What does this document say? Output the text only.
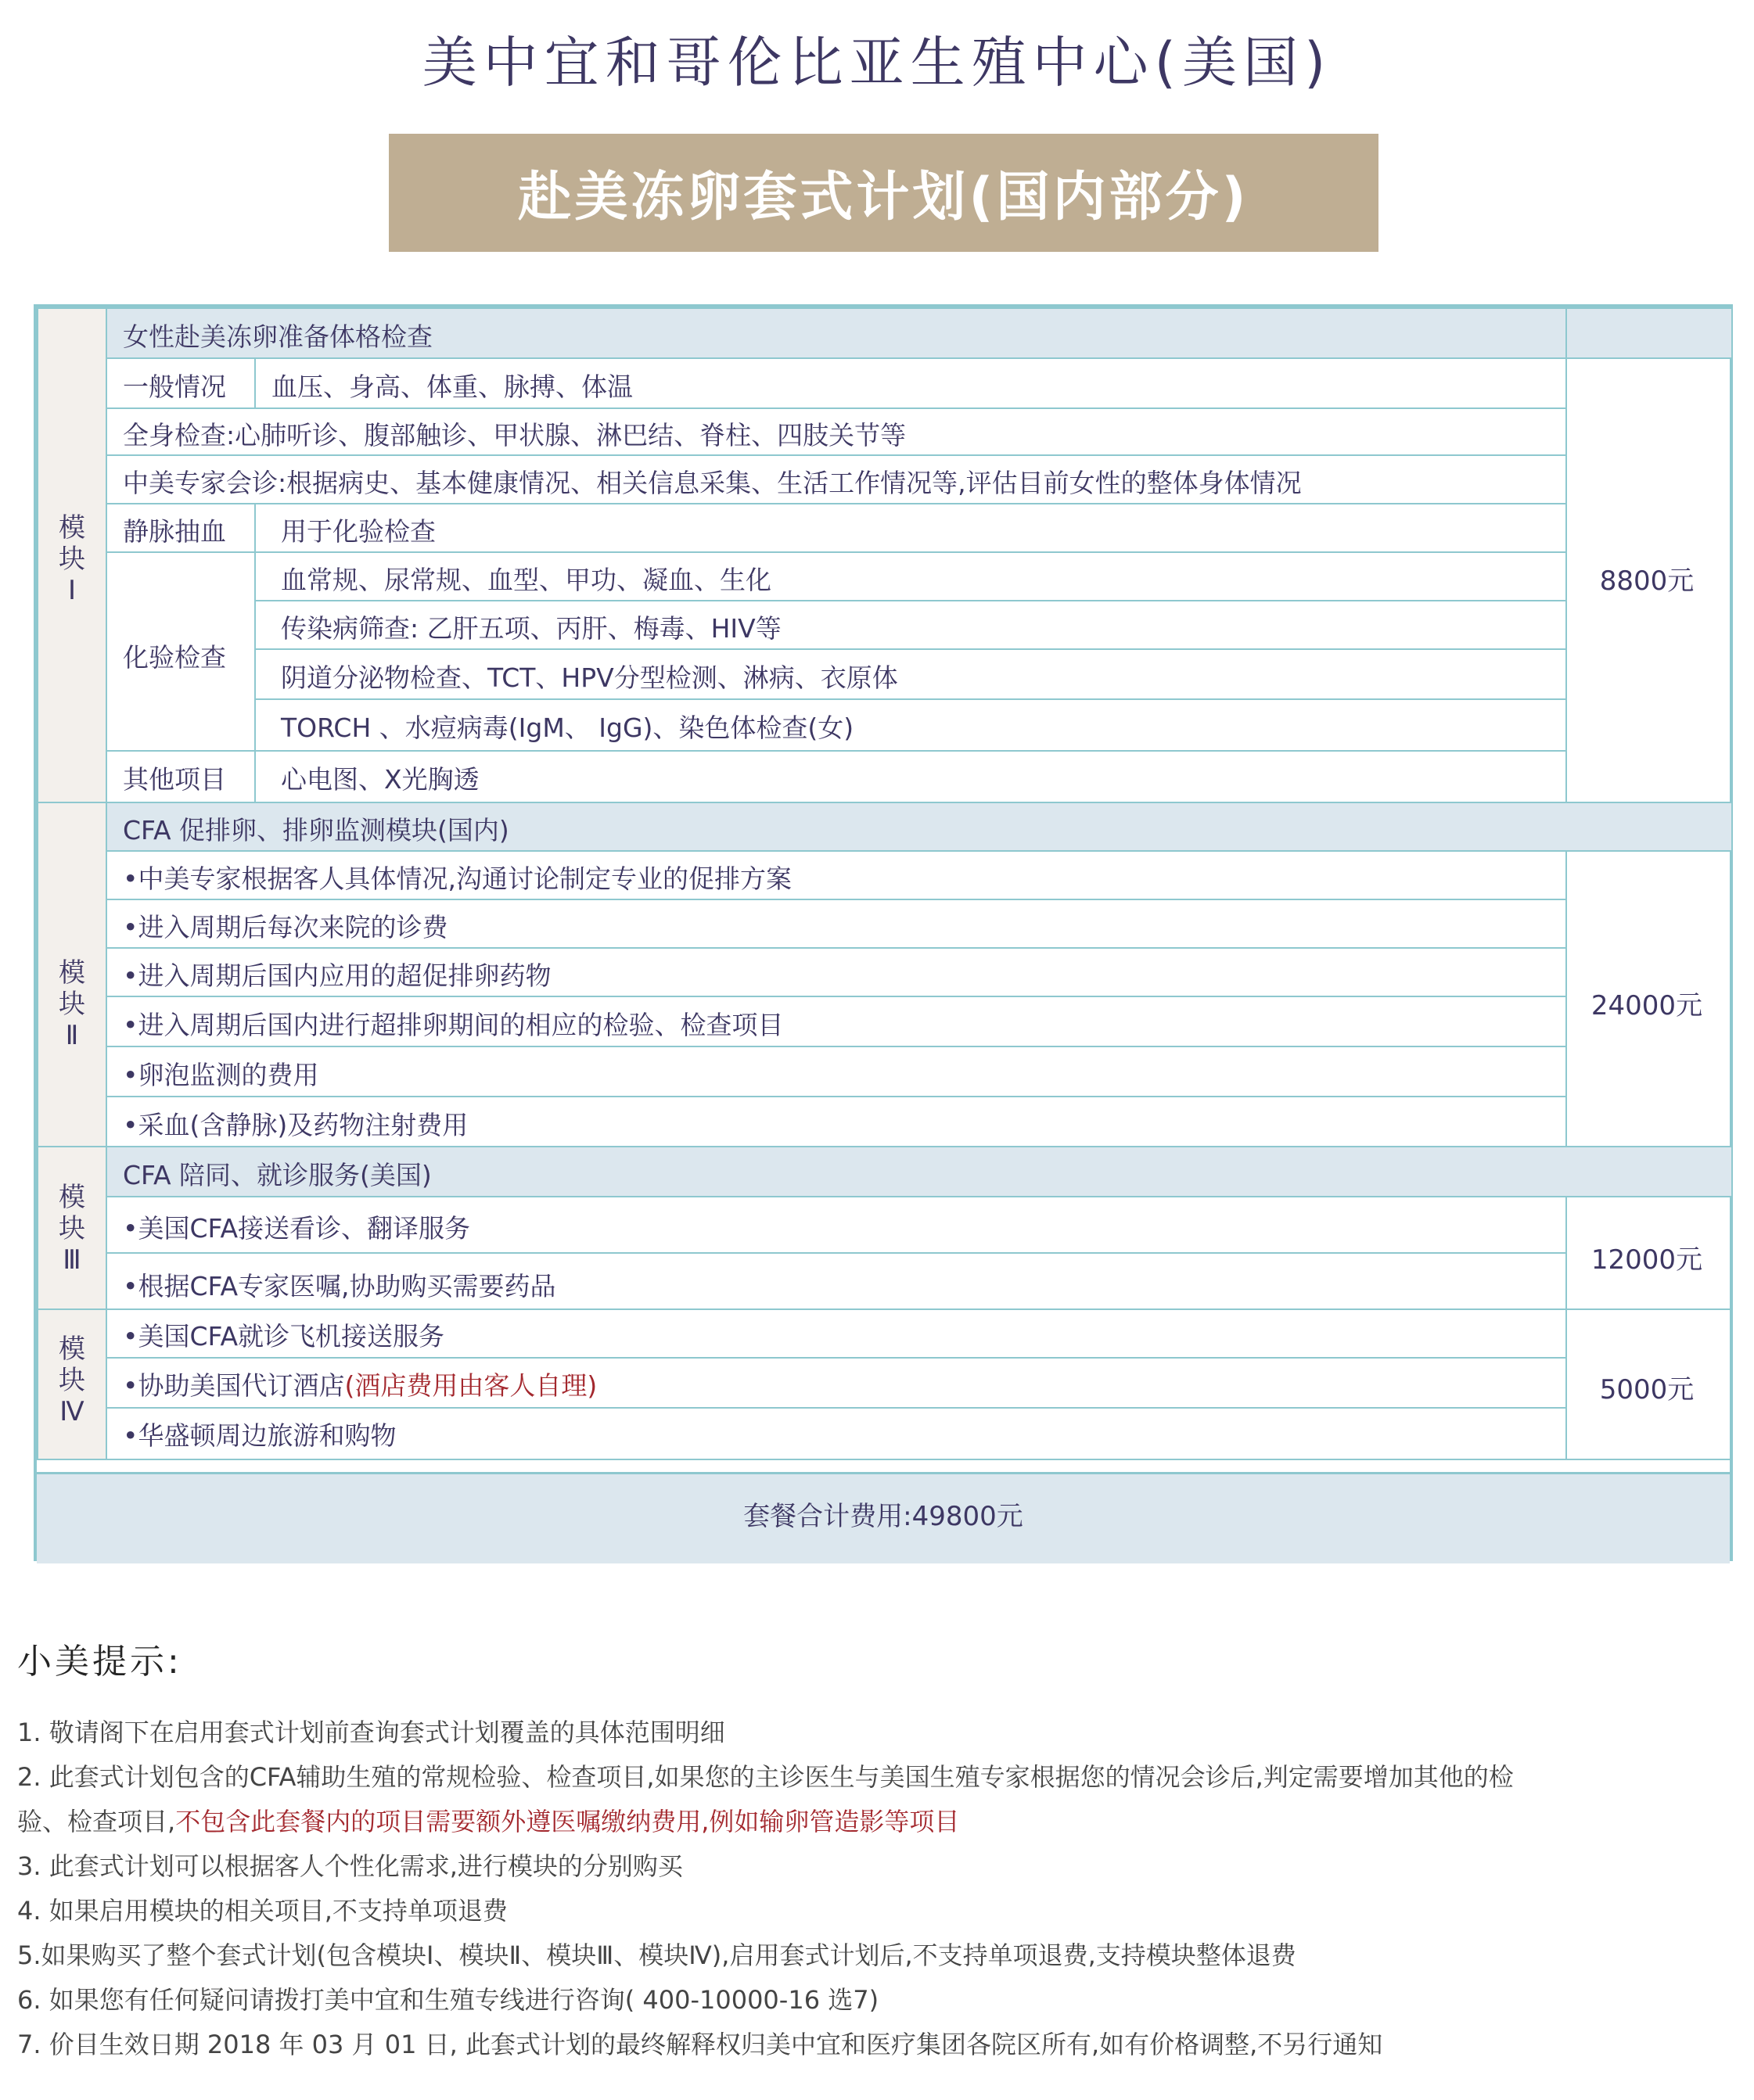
美中宜和哥伦比亚生殖中心(美国)
赴美冻卵套式计划(国内部分)
模
块
Ⅰ
女性赴美冻卵准备体格检查
8800元
一般情况 血压、身高、体重、脉搏、体温
全身检查:心肺听诊、腹部触诊、甲状腺、淋巴结、脊柱、四肢关节等
中美专家会诊:根据病史、基本健康情况、相关信息采集、生活工作情况等,评估目前女性的整体身体情况
静脉抽血 用于化验检查
化验检查
血常规、尿常规、血型、甲功、凝血、生化
传染病筛查: 乙肝五项、丙肝、梅毒、HIV等
阴道分泌物检查、TCT、HPV分型检测、淋病、衣原体
TORCH 、水痘病毒(IgM、 IgG)、染色体检查(女)
其他项目 心电图、X光胸透
模
块
Ⅱ
CFA 促排卵、排卵监测模块(国内)
24000元
•中美专家根据客人具体情况,沟通讨论制定专业的促排方案
•进入周期后每次来院的诊费
•进入周期后国内应用的超促排卵药物
•进入周期后国内进行超排卵期间的相应的检验、检查项目
•卵泡监测的费用
•采血(含静脉)及药物注射费用
模
块
Ⅲ
CFA 陪同、就诊服务(美国)
12000元
•美国CFA接送看诊、翻译服务
•根据CFA专家医嘱,协助购买需要药品
模
块
Ⅳ
5000元
•美国CFA就诊飞机接送服务
•协助美国代订酒店(酒店费用由客人自理)
•华盛顿周边旅游和购物
套餐合计费用:49800元
小美提示:
1. 敬请阁下在启用套式计划前查询套式计划覆盖的具体范围明细
2. 此套式计划包含的CFA辅助生殖的常规检验、检查项目,如果您的主诊医生与美国生殖专家根据您的情况会诊后,判定需要增加其他的检
验、检查项目,不包含此套餐内的项目需要额外遵医嘱缴纳费用,例如输卵管造影等项目
3. 此套式计划可以根据客人个性化需求,进行模块的分别购买
4. 如果启用模块的相关项目,不支持单项退费
5.如果购买了整个套式计划(包含模块Ⅰ、模块Ⅱ、模块Ⅲ、模块Ⅳ),启用套式计划后,不支持单项退费,支持模块整体退费
6. 如果您有任何疑问请拨打美中宜和生殖专线进行咨询( 400-10000-16 选7)
7. 价目生效日期 2018 年 03 月 01 日, 此套式计划的最终解释权归美中宜和医疗集团各院区所有,如有价格调整,不另行通知
